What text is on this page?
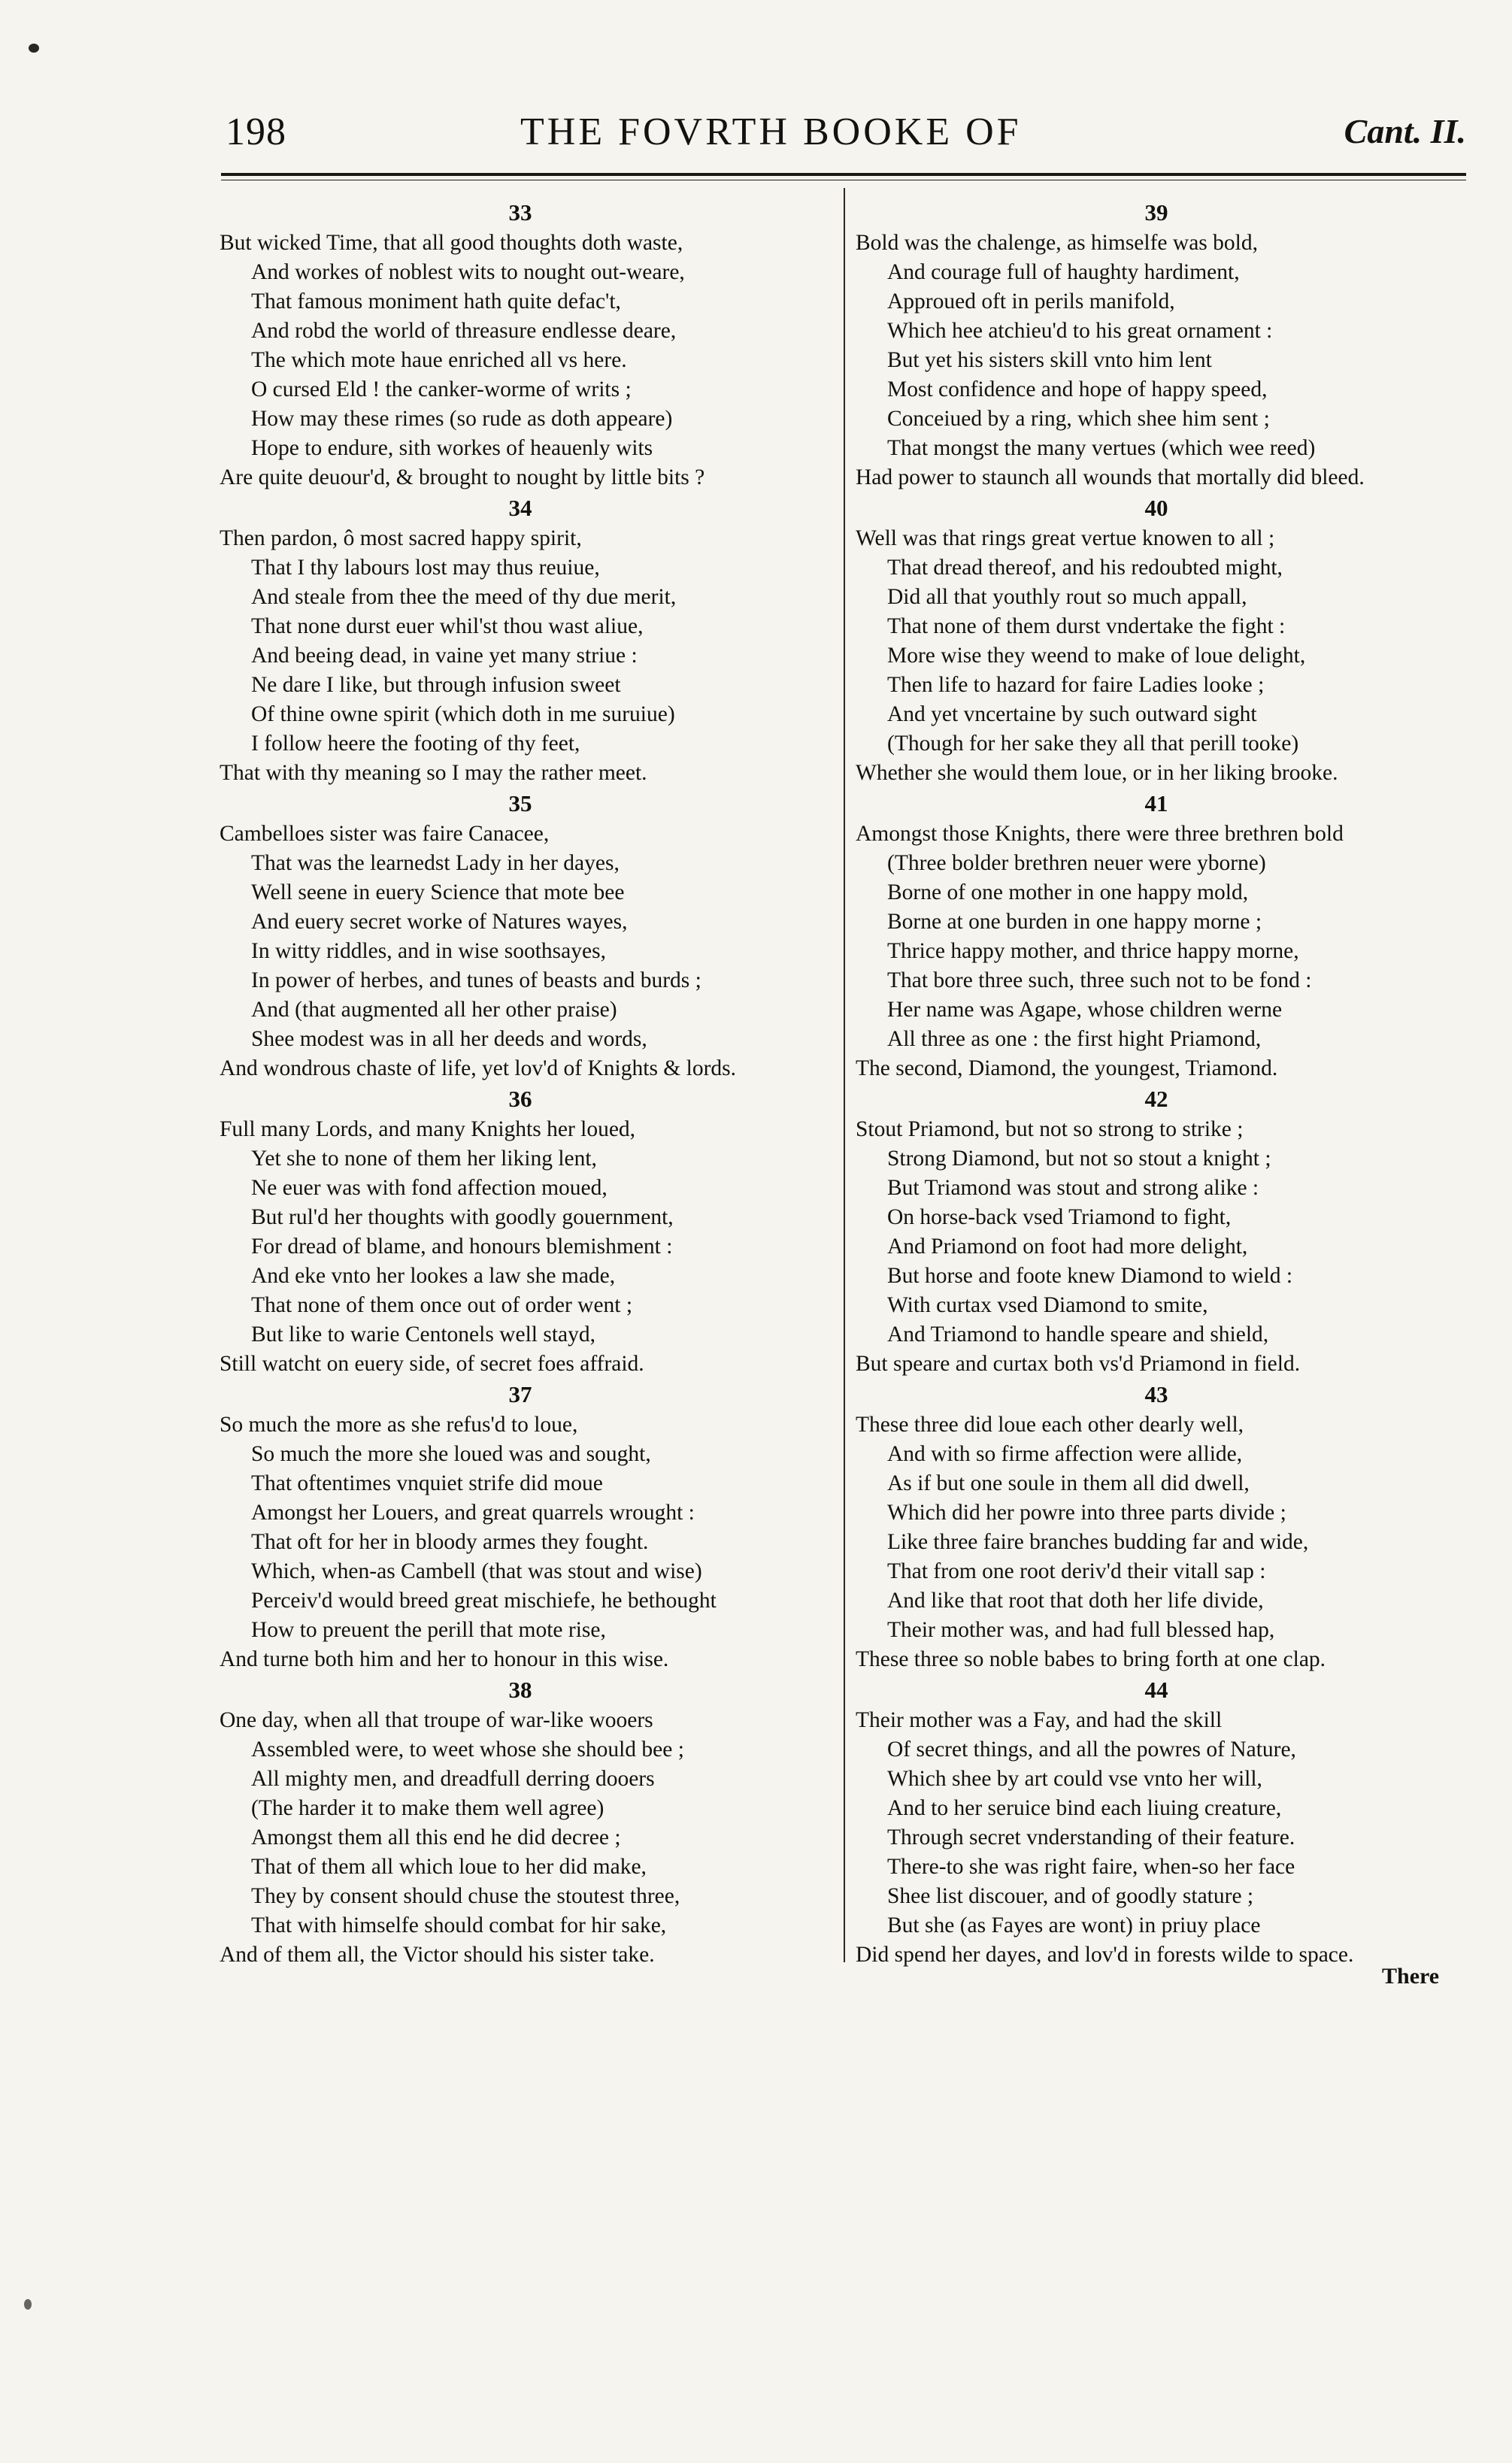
198	THE FOVRTH BOOKE OF	Cant. II.
33
But wicked Time, that all good thoughts doth waste,
And workes of noblest wits to nought out-weare,
That famous moniment hath quite defac't,
And robd the world of threasure endlesse deare,
The which mote haue enriched all vs here.
O cursed Eld ! the canker-worme of writs ;
How may these rimes (so rude as doth appeare)
Hope to endure, sith workes of heauenly wits
Are quite deuour'd, & brought to nought by little bits ?
34
Then pardon, ô most sacred happy spirit,
That I thy labours lost may thus reuiue,
And steale from thee the meed of thy due merit,
That none durst euer whil'st thou wast aliue,
And beeing dead, in vaine yet many striue :
Ne dare I like, but through infusion sweet
Of thine owne spirit (which doth in me suruiue)
I follow heere the footing of thy feet,
That with thy meaning so I may the rather meet.
35
Cambelloes sister was faire Canacee,
That was the learnedst Lady in her dayes,
Well seene in euery Science that mote bee
And euery secret worke of Natures wayes,
In witty riddles, and in wise soothsayes,
In power of herbes, and tunes of beasts and burds ;
And (that augmented all her other praise)
Shee modest was in all her deeds and words,
And wondrous chaste of life, yet lov'd of Knights & lords.
36
Full many Lords, and many Knights her loued,
Yet she to none of them her liking lent,
Ne euer was with fond affection moued,
But rul'd her thoughts with goodly gouernment,
For dread of blame, and honours blemishment :
And eke vnto her lookes a law she made,
That none of them once out of order went ;
But like to warie Centonels well stayd,
Still watcht on euery side, of secret foes affraid.
37
So much the more as she refus'd to loue,
So much the more she loued was and sought,
That oftentimes vnquiet strife did moue
Amongst her Louers, and great quarrels wrought :
That oft for her in bloody armes they fought.
Which, when-as Cambell (that was stout and wise)
Perceiv'd would breed great mischiefe, he bethought
How to preuent the perill that mote rise,
And turne both him and her to honour in this wise.
38
One day, when all that troupe of war-like wooers
Assembled were, to weet whose she should bee ;
All mighty men, and dreadfull derring dooers
(The harder it to make them well agree)
Amongst them all this end he did decree ;
That of them all which loue to her did make,
They by consent should chuse the stoutest three,
That with himselfe should combat for hir sake,
And of them all, the Victor should his sister take.
39
Bold was the chalenge, as himselfe was bold,
And courage full of haughty hardiment,
Approued oft in perils manifold,
Which hee atchieu'd to his great ornament :
But yet his sisters skill vnto him lent
Most confidence and hope of happy speed,
Conceiued by a ring, which shee him sent ;
That mongst the many vertues (which wee reed)
Had power to staunch all wounds that mortally did bleed.
40
Well was that rings great vertue knowen to all ;
That dread thereof, and his redoubted might,
Did all that youthly rout so much appall,
That none of them durst vndertake the fight :
More wise they weend to make of loue delight,
Then life to hazard for faire Ladies looke ;
And yet vncertaine by such outward sight
(Though for her sake they all that perill tooke)
Whether she would them loue, or in her liking brooke.
41
Amongst those Knights, there were three brethren bold
(Three bolder brethren neuer were yborne)
Borne of one mother in one happy mold,
Borne at one burden in one happy morne ;
Thrice happy mother, and thrice happy morne,
That bore three such, three such not to be fond :
Her name was Agape, whose children werne
All three as one : the first hight Priamond,
The second, Diamond, the youngest, Triamond.
42
Stout Priamond, but not so strong to strike ;
Strong Diamond, but not so stout a knight ;
But Triamond was stout and strong alike :
On horse-back vsed Triamond to fight,
And Priamond on foot had more delight,
But horse and foote knew Diamond to wield :
With curtax vsed Diamond to smite,
And Triamond to handle speare and shield,
But speare and curtax both vs'd Priamond in field.
43
These three did loue each other dearly well,
And with so firme affection were allide,
As if but one soule in them all did dwell,
Which did her powre into three parts divide ;
Like three faire branches budding far and wide,
That from one root deriv'd their vitall sap :
And like that root that doth her life divide,
Their mother was, and had full blessed hap,
These three so noble babes to bring forth at one clap.
44
Their mother was a Fay, and had the skill
Of secret things, and all the powres of Nature,
Which shee by art could vse vnto her will,
And to her seruice bind each liuing creature,
Through secret vnderstanding of their feature.
There-to she was right faire, when-so her face
Shee list discouer, and of goodly stature ;
But she (as Fayes are wont) in priuy place
Did spend her dayes, and lov'd in forests wilde to space.
There
